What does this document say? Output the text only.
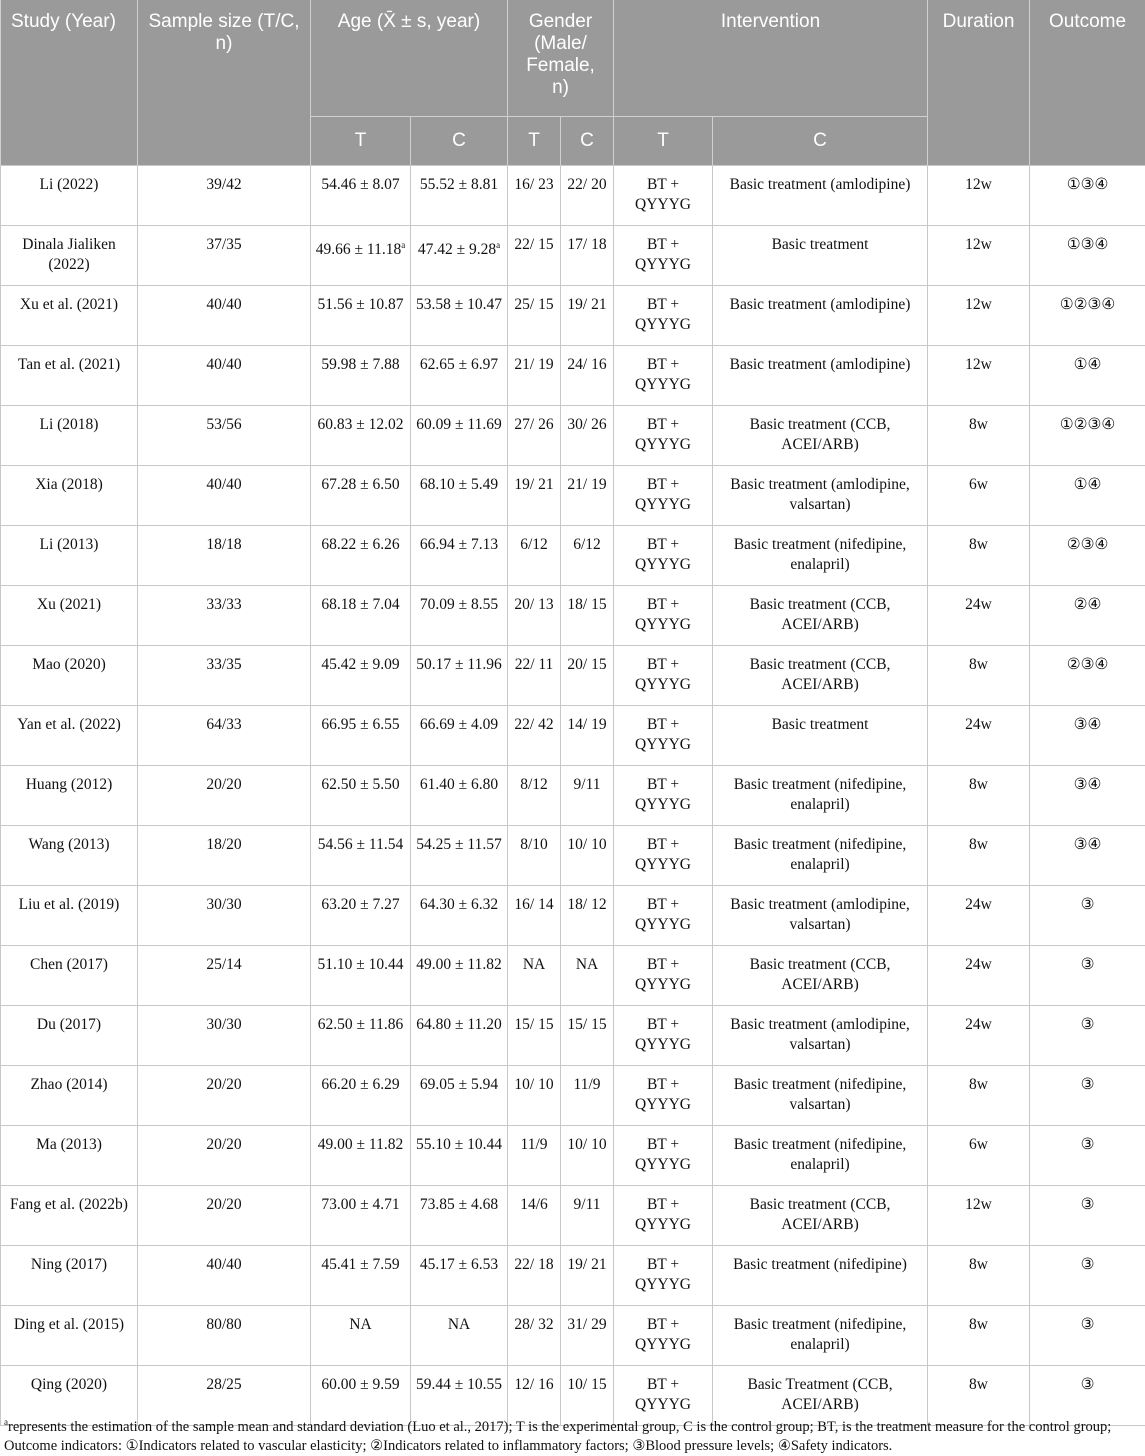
Study (Year)	Sample size (T/C, n)	Age (X̄ ± s, year)		Gender (Male/ Female, n)		Intervention		Duration	Outcome
		T	C	T	C	T	C		
Li (2022)	39/42	54.46 ± 8.07	55.52 ± 8.81	16/ 23	22/ 20	BT + QYYYG	Basic treatment (amlodipine)	12w	①③④
Dinala Jialiken (2022)	37/35	49.66 ± 11.18$^a$	47.42 ± 9.28$^a$	22/ 15	17/ 18	BT + QYYYG	Basic treatment	12w	①③④
Xu et al. (2021)	40/40	51.56 ± 10.87	53.58 ± 10.47	25/ 15	19/ 21	BT + QYYYG	Basic treatment (amlodipine)	12w	①②③④
Tan et al. (2021)	40/40	59.98 ± 7.88	62.65 ± 6.97	21/ 19	24/ 16	BT + QYYYG	Basic treatment (amlodipine)	12w	①④
Li (2018)	53/56	60.83 ± 12.02	60.09 ± 11.69	27/ 26	30/ 26	BT + QYYYG	Basic treatment (CCB, ACEI/ARB)	8w	①②③④
Xia (2018)	40/40	67.28 ± 6.50	68.10 ± 5.49	19/ 21	21/ 19	BT + QYYYG	Basic treatment (amlodipine, valsartan)	6w	①④
Li (2013)	18/18	68.22 ± 6.26	66.94 ± 7.13	6/12	6/12	BT + QYYYG	Basic treatment (nifedipine, enalapril)	8w	②③④
Xu (2021)	33/33	68.18 ± 7.04	70.09 ± 8.55	20/ 13	18/ 15	BT + QYYYG	Basic treatment (CCB, ACEI/ARB)	24w	②④
Mao (2020)	33/35	45.42 ± 9.09	50.17 ± 11.96	22/ 11	20/ 15	BT + QYYYG	Basic treatment (CCB, ACEI/ARB)	8w	②③④
Yan et al. (2022)	64/33	66.95 ± 6.55	66.69 ± 4.09	22/ 42	14/ 19	BT + QYYYG	Basic treatment	24w	③④
Huang (2012)	20/20	62.50 ± 5.50	61.40 ± 6.80	8/12	9/11	BT + QYYYG	Basic treatment (nifedipine, enalapril)	8w	③④
Wang (2013)	18/20	54.56 ± 11.54	54.25 ± 11.57	8/10	10/ 10	BT + QYYYG	Basic treatment (nifedipine, enalapril)	8w	③④
Liu et al. (2019)	30/30	63.20 ± 7.27	64.30 ± 6.32	16/ 14	18/ 12	BT + QYYYG	Basic treatment (amlodipine, valsartan)	24w	③
Chen (2017)	25/14	51.10 ± 10.44	49.00 ± 11.82	NA	NA	BT + QYYYG	Basic treatment (CCB, ACEI/ARB)	24w	③
Du (2017)	30/30	62.50 ± 11.86	64.80 ± 11.20	15/ 15	15/ 15	BT + QYYYG	Basic treatment (amlodipine, valsartan)	24w	③
Zhao (2014)	20/20	66.20 ± 6.29	69.05 ± 5.94	10/ 10	11/9	BT + QYYYG	Basic treatment (nifedipine, valsartan)	8w	③
Ma (2013)	20/20	49.00 ± 11.82	55.10 ± 10.44	11/9	10/ 10	BT + QYYYG	Basic treatment (nifedipine, enalapril)	6w	③
Fang et al. (2022b)	20/20	73.00 ± 4.71	73.85 ± 4.68	14/6	9/11	BT + QYYYG	Basic treatment (CCB, ACEI/ARB)	12w	③
Ning (2017)	40/40	45.41 ± 7.59	45.17 ± 6.53	22/ 18	19/ 21	BT + QYYYG	Basic treatment (nifedipine)	8w	③
Ding et al. (2015)	80/80	NA	NA	28/ 32	31/ 29	BT + QYYYG	Basic treatment (nifedipine, enalapril)	8w	③
Qing (2020)	28/25	60.00 ± 9.59	59.44 ± 10.55	12/ 16	10/ 15	BT + QYYYG	Basic Treatment (CCB, ACEI/ARB)	8w	③
$^a$represents the estimation of the sample mean and standard deviation (Luo et al., 2017); T is the experimental group, C is the control group; BT, is the treatment measure for the control group;
Outcome indicators: ①Indicators related to vascular elasticity; ②Indicators related to inflammatory factors; ③Blood pressure levels; ④Safety indicators.
